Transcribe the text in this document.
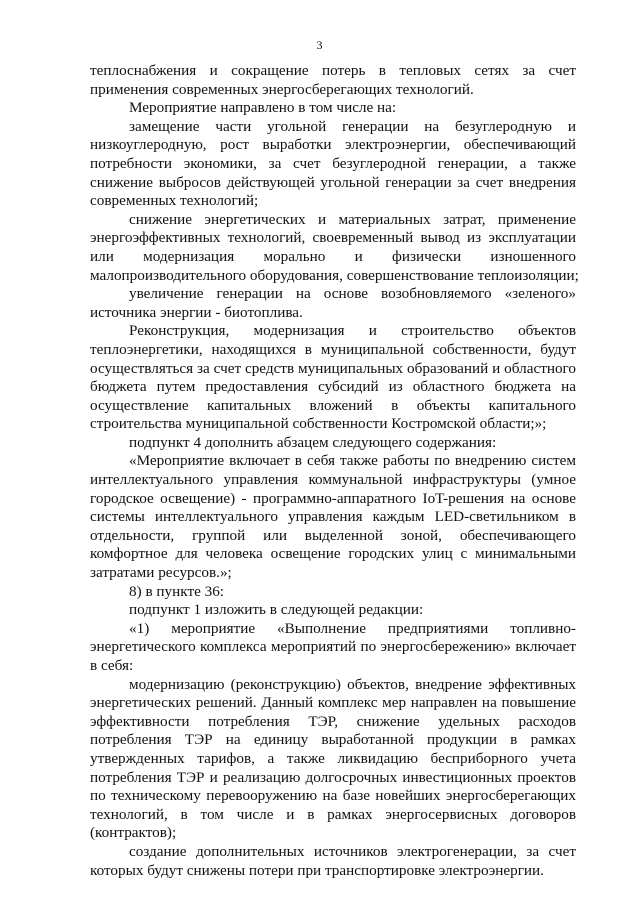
3
теплоснабжения и сокращение потерь в тепловых сетях за счет
применения современных энергосберегающих технологий.
Мероприятие направлено в том числе на:
замещение части угольной генерации на безуглеродную и
низкоуглеродную, рост выработки электроэнергии, обеспечивающий
потребности экономики, за счет безуглеродной генерации, а также
снижение выбросов действующей угольной генерации за счет внедрения
современных технологий;
снижение энергетических и материальных затрат, применение
энергоэффективных технологий, своевременный вывод из эксплуатации
или модернизация морально и физически изношенного
малопроизводительного оборудования, совершенствование теплоизоляции;
увеличение генерации на основе возобновляемого «зеленого»
источника энергии - биотоплива.
Реконструкция, модернизация и строительство объектов
теплоэнергетики, находящихся в муниципальной собственности, будут
осуществляться за счет средств муниципальных образований и областного
бюджета путем предоставления субсидий из областного бюджета на
осуществление капитальных вложений в объекты капитального
строительства муниципальной собственности Костромской области;»;
подпункт 4 дополнить абзацем следующего содержания:
«Мероприятие включает в себя также работы по внедрению систем
интеллектуального управления коммунальной инфраструктуры (умное
городское освещение) - программно-аппаратного IoT-решения на основе
системы интеллектуального управления каждым LED-светильником в
отдельности, группой или выделенной зоной, обеспечивающего
комфортное для человека освещение городских улиц с минимальными
затратами ресурсов.»;
8) в пункте 36:
подпункт 1 изложить в следующей редакции:
«1) мероприятие «Выполнение предприятиями топливно-
энергетического комплекса мероприятий по энергосбережению» включает
в себя:
модернизацию (реконструкцию) объектов, внедрение эффективных
энергетических решений. Данный комплекс мер направлен на повышение
эффективности потребления ТЭР, снижение удельных расходов
потребления ТЭР на единицу выработанной продукции в рамках
утвержденных тарифов, а также ликвидацию бесприборного учета
потребления ТЭР и реализацию долгосрочных инвестиционных проектов
по техническому перевооружению на базе новейших энергосберегающих
технологий, в том числе и в рамках энергосервисных договоров
(контрактов);
создание дополнительных источников электрогенерации, за счет
которых будут снижены потери при транспортировке электроэнергии.
